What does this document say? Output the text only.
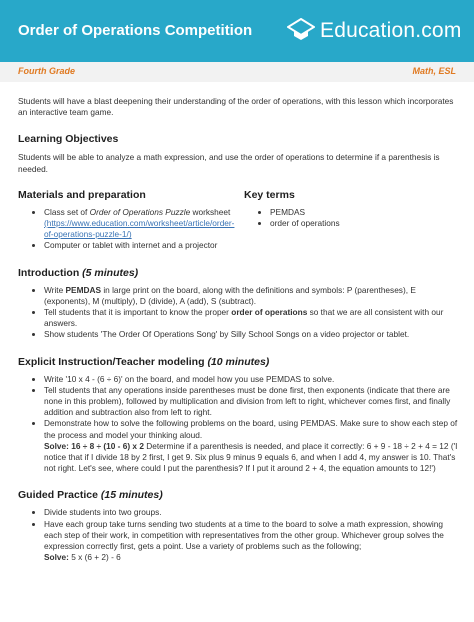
Order of Operations Competition	Education.com
Fourth Grade	Math, ESL

Students will have a blast deepening their understanding of the order of operations, with this lesson which incorporates an interactive team game.

Learning Objectives

Students will be able to analyze a math expression, and use the order of operations to determine if a parenthesis is needed.

Materials and preparation
• Class set of Order of Operations Puzzle worksheet
(https://www.education.com/worksheet/article/order-of-operations-puzzle-1/)
• Computer or tablet with internet and a projector
Key terms
• PEMDAS
• order of operations
Introduction (5 minutes)
• Write PEMDAS in large print on the board, along with the definitions and symbols: P (parentheses), E (exponents), M (multiply), D (divide), A (add), S (subtract).
• Tell students that it is important to know the proper order of operations so that we are all consistent with our answers.
• Show students 'The Order Of Operations Song' by Silly School Songs on a video projector or tablet.
Explicit Instruction/Teacher modeling (10 minutes)
• Write '10 x 4 - (6 ÷ 6)' on the board, and model how you use PEMDAS to solve.
• Tell students that any operations inside parentheses must be done first, then exponents (indicate that there are none in this problem), followed by multiplication and division from left to right, whichever comes first, and finally addition and subtraction also from left to right.
• Demonstrate how to solve the following problems on the board, using PEMDAS. Make sure to show each step of the process and model your thinking aloud.
Solve: 16 ÷ 8 ÷ (10 - 6) x 2 Determine if a parenthesis is needed, and place it correctly: 6 + 9 - 18 ÷ 2 + 4 = 12 ('I notice that if I divide 18 by 2 first, I get 9. Six plus 9 minus 9 equals 6, and when I add 4, my answer is 10. That's not right. Let's see, where could I put the parenthesis? If I put it around 2 + 4, the equation amounts to 12!')
Guided Practice (15 minutes)
• Divide students into two groups.
• Have each group take turns sending two students at a time to the board to solve a math expression, showing each step of their work, in competition with representatives from the other group. Whichever group solves the expression correctly first, gets a point. Use a variety of problems such as the following;
Solve: 5 x (6 + 2) - 6
